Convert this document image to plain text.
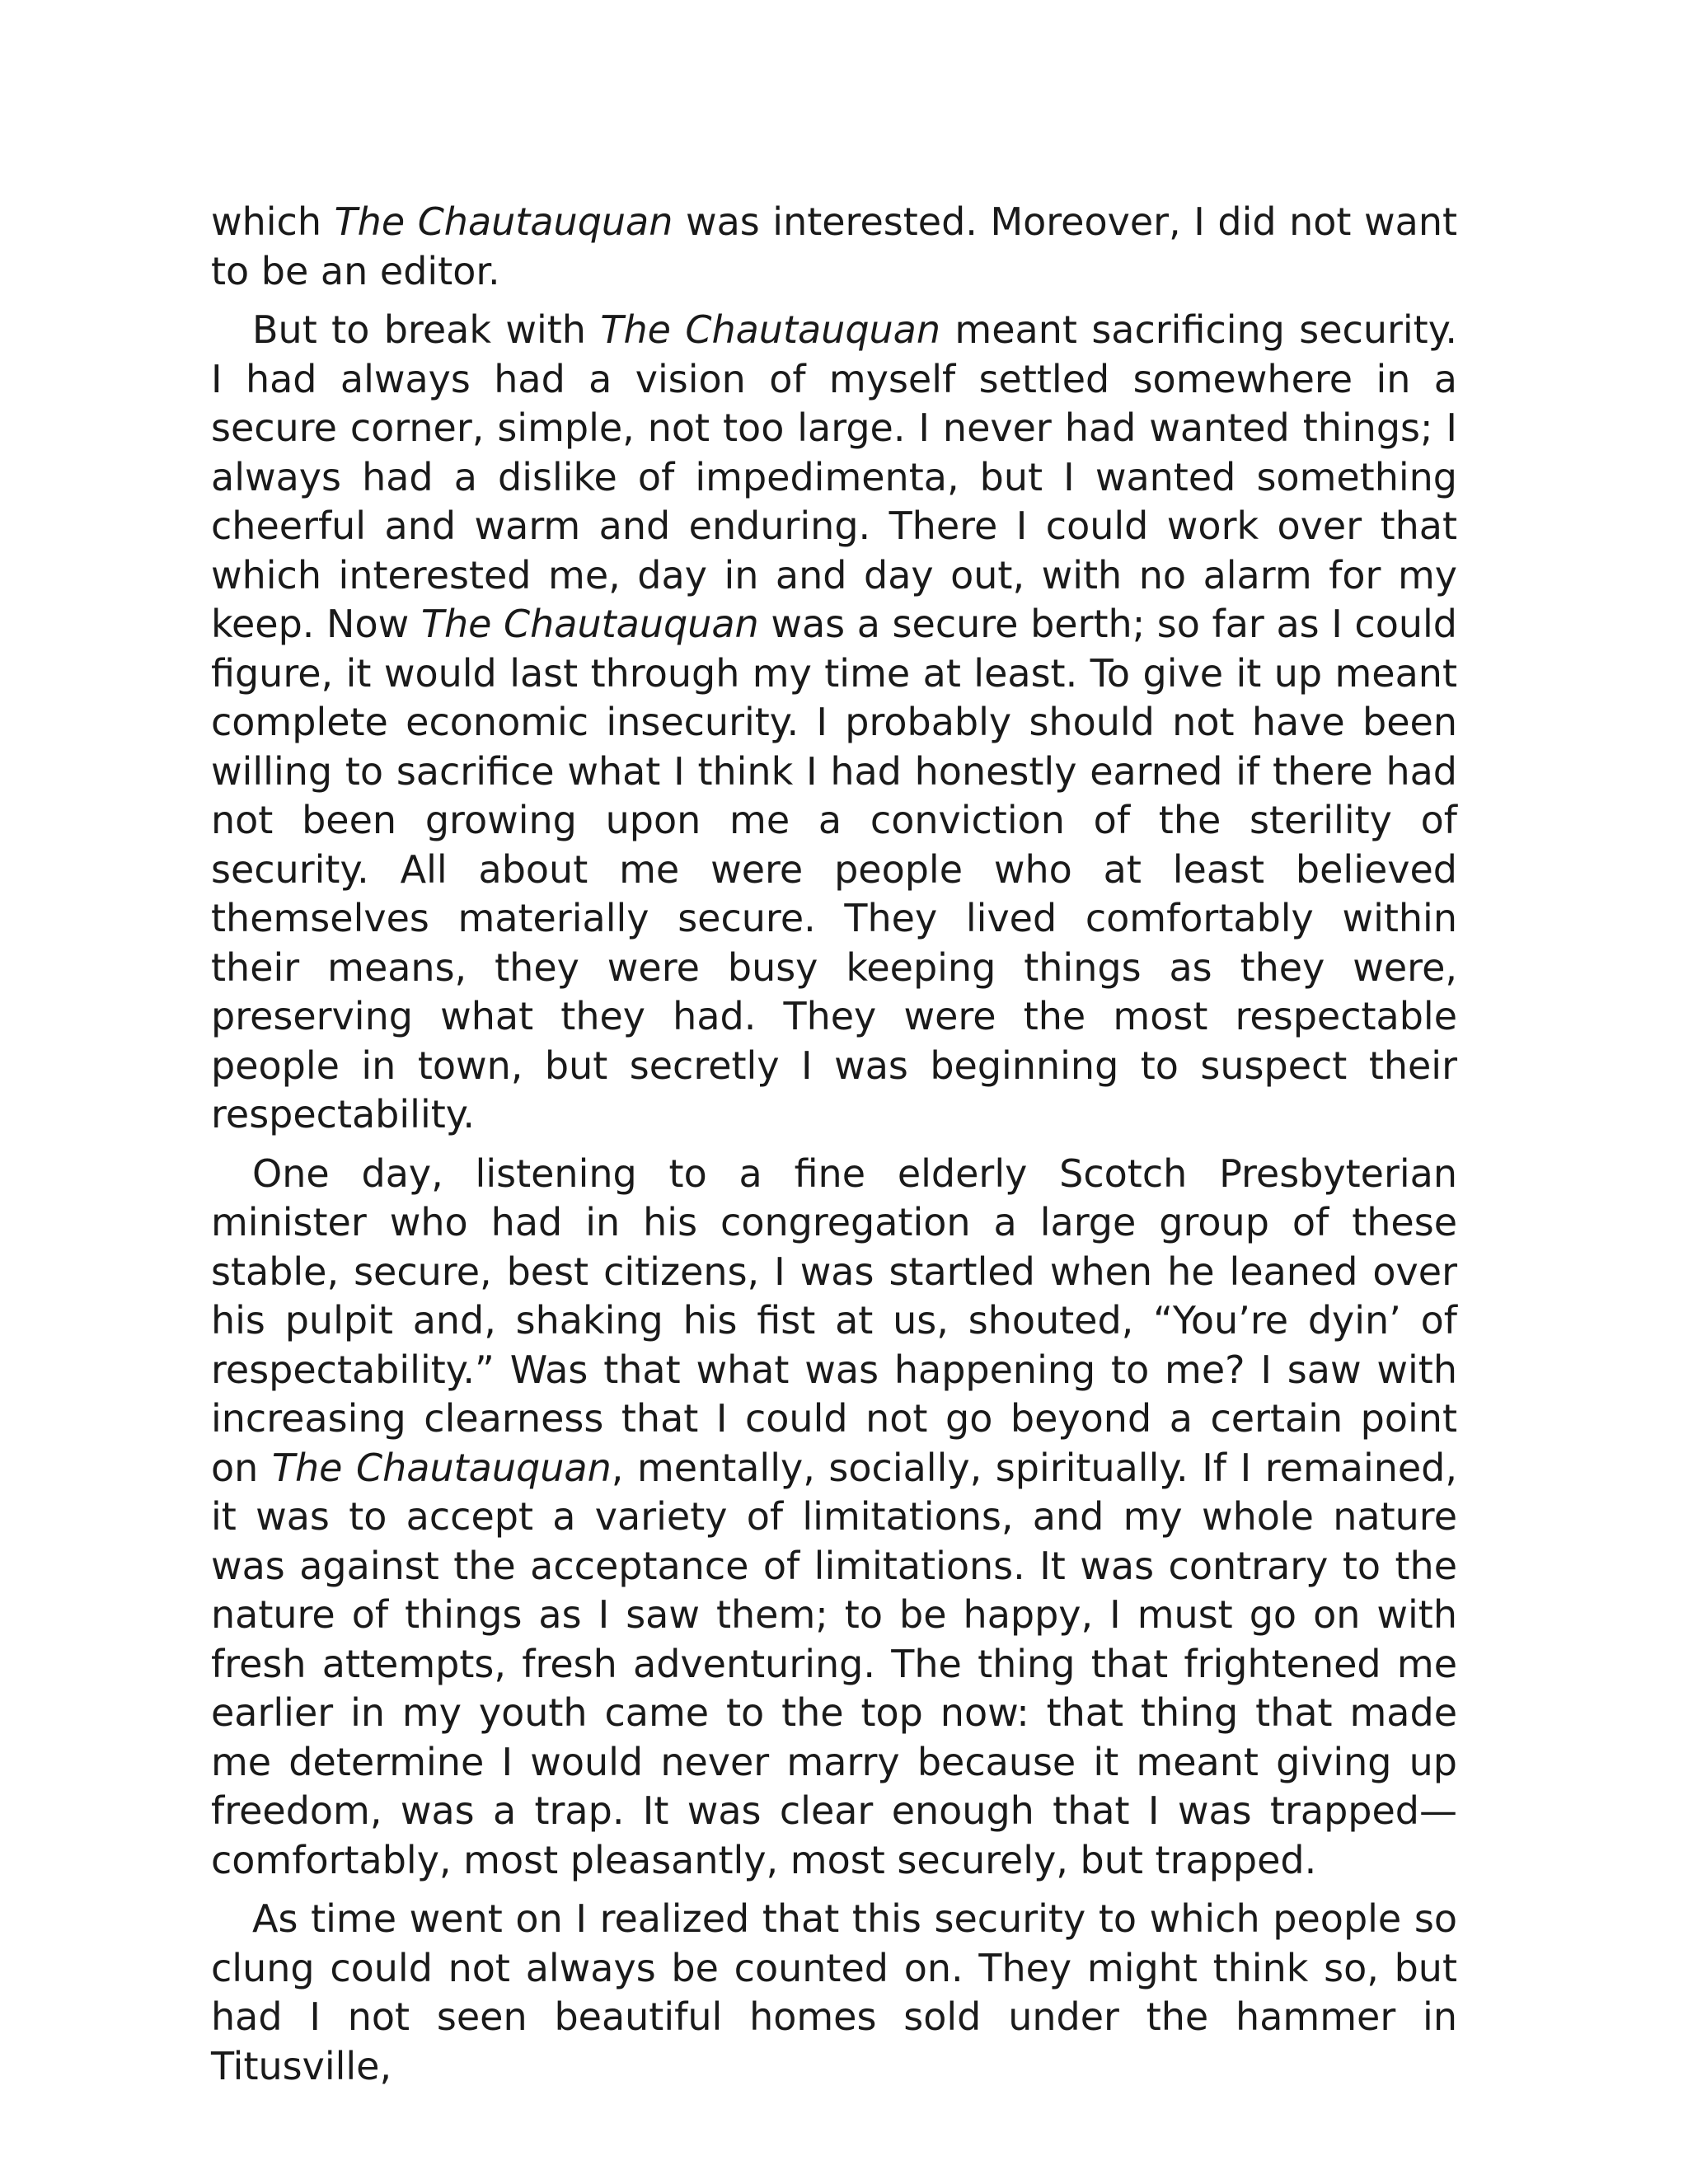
which The Chautauquan was interested. Moreover, I did not want to be an editor.

But to break with The Chautauquan meant sacrificing security. I had always had a vision of myself settled somewhere in a secure corner, simple, not too large. I never had wanted things; I always had a dislike of impedimenta, but I wanted something cheerful and warm and enduring. There I could work over that which interested me, day in and day out, with no alarm for my keep. Now The Chautauquan was a secure berth; so far as I could figure, it would last through my time at least. To give it up meant complete economic insecurity. I probably should not have been willing to sacrifice what I think I had honestly earned if there had not been growing upon me a conviction of the sterility of security. All about me were people who at least believed themselves materially secure. They lived comfortably within their means, they were busy keeping things as they were, preserving what they had. They were the most respectable people in town, but secretly I was beginning to suspect their respectability.

One day, listening to a fine elderly Scotch Presbyterian minister who had in his congregation a large group of these stable, secure, best citizens, I was startled when he leaned over his pulpit and, shaking his fist at us, shouted, “You’re dyin’ of respectability.” Was that what was happening to me? I saw with increasing clearness that I could not go beyond a certain point on The Chautauquan, mentally, socially, spiritually. If I remained, it was to accept a variety of limitations, and my whole nature was against the acceptance of limitations. It was contrary to the nature of things as I saw them; to be happy, I must go on with fresh attempts, fresh adventuring. The thing that frightened me earlier in my youth came to the top now: that thing that made me determine I would never marry because it meant giving up freedom, was a trap. It was clear enough that I was trapped—comfortably, most pleasantly, most securely, but trapped.

As time went on I realized that this security to which people so clung could not always be counted on. They might think so, but had I not seen beautiful homes sold under the hammer in Titusville,
